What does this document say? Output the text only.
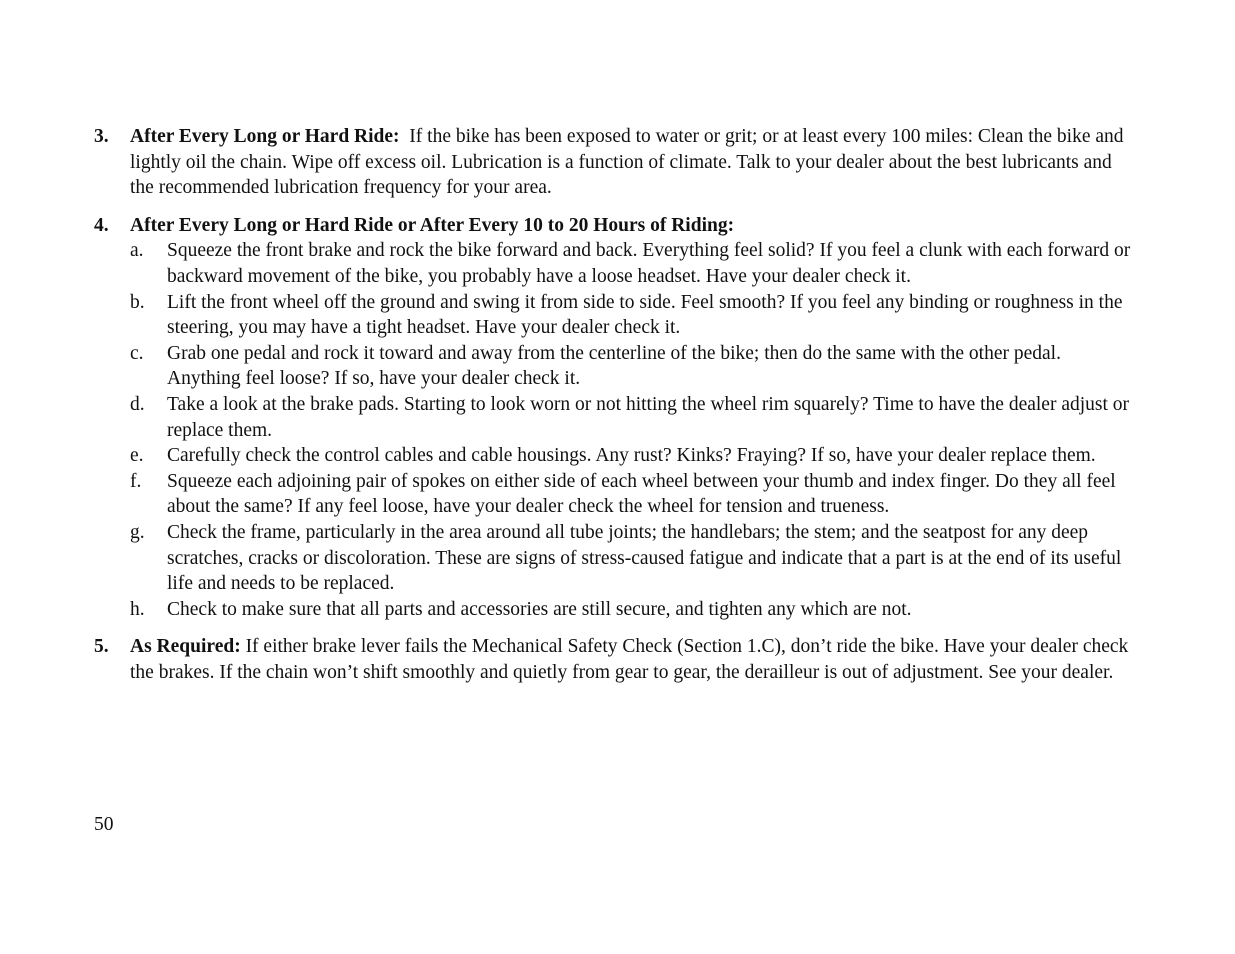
3.	After Every Long or Hard Ride: If the bike has been exposed to water or grit; or at least every 100 miles: Clean the bike and lightly oil the chain. Wipe off excess oil. Lubrication is a function of climate. Talk to your dealer about the best lubricants and the recommended lubrication frequency for your area.
4.	After Every Long or Hard Ride or After Every 10 to 20 Hours of Riding:
a.	Squeeze the front brake and rock the bike forward and back. Everything feel solid? If you feel a clunk with each forward or backward movement of the bike, you probably have a loose headset. Have your dealer check it.
b.	Lift the front wheel off the ground and swing it from side to side. Feel smooth? If you feel any binding or roughness in the steering, you may have a tight headset. Have your dealer check it.
c.	Grab one pedal and rock it toward and away from the centerline of the bike; then do the same with the other pedal. Anything feel loose? If so, have your dealer check it.
d.	Take a look at the brake pads. Starting to look worn or not hitting the wheel rim squarely? Time to have the dealer adjust or replace them.
e.	Carefully check the control cables and cable housings. Any rust? Kinks? Fraying? If so, have your dealer replace them.
f.	Squeeze each adjoining pair of spokes on either side of each wheel between your thumb and index finger. Do they all feel about the same? If any feel loose, have your dealer check the wheel for tension and trueness.
g.	Check the frame, particularly in the area around all tube joints; the handlebars; the stem; and the seatpost for any deep scratches, cracks or discoloration. These are signs of stress-caused fatigue and indicate that a part is at the end of its useful life and needs to be replaced.
h.	Check to make sure that all parts and accessories are still secure, and tighten any which are not.
5.	As Required: If either brake lever fails the Mechanical Safety Check (Section 1.C), don’t ride the bike. Have your dealer check the brakes. If the chain won’t shift smoothly and quietly from gear to gear, the derailleur is out of adjustment. See your dealer.
50
